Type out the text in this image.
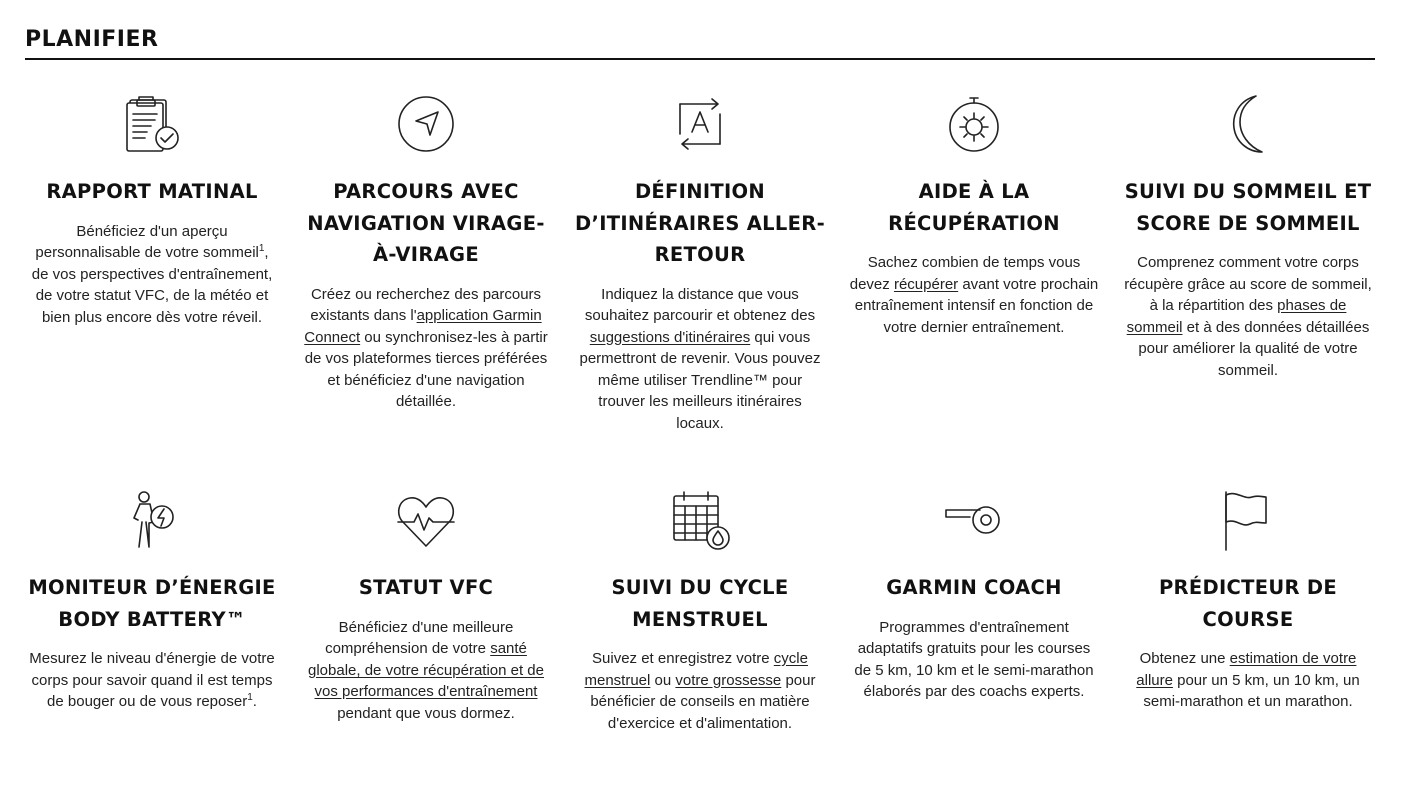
PLANIFIER
RAPPORT MATINAL

Bénéficiez d'un aperçu personnalisable de votre sommeil$^1$, de vos perspectives d'entraînement, de votre statut VFC, de la météo et bien plus encore dès votre réveil.

PARCOURS AVEC NAVIGATION VIRAGE-À-VIRAGE

Créez ou recherchez des parcours existants dans l'application Garmin Connect ou synchronisez-les à partir de vos plateformes tierces préférées et bénéficiez d'une navigation détaillée.

DÉFINITION D’ITINÉRAIRES ALLER-RETOUR

Indiquez la distance que vous souhaitez parcourir et obtenez des suggestions d'itinéraires qui vous permettront de revenir. Vous pouvez même utiliser Trendline™ pour trouver les meilleurs itinéraires locaux.

AIDE À LA RÉCUPÉRATION

Sachez combien de temps vous devez récupérer avant votre prochain entraînement intensif en fonction de votre dernier entraînement.

SUIVI DU SOMMEIL ET SCORE DE SOMMEIL

Comprenez comment votre corps récupère grâce au score de sommeil, à la répartition des phases de sommeil et à des données détaillées pour améliorer la qualité de votre sommeil.

MONITEUR D’ÉNERGIE BODY BATTERY™

Mesurez le niveau d'énergie de votre corps pour savoir quand il est temps de bouger ou de vous reposer$^1$.

STATUT VFC

Bénéficiez d'une meilleure compréhension de votre santé globale, de votre récupération et de vos performances d'entraînement pendant que vous dormez.

SUIVI DU CYCLE MENSTRUEL

Suivez et enregistrez votre cycle menstruel ou votre grossesse pour bénéficier de conseils en matière d'exercice et d'alimentation.

GARMIN COACH

Programmes d'entraînement adaptatifs gratuits pour les courses de 5 km, 10 km et le semi-marathon élaborés par des coachs experts.

PRÉDICTEUR DE COURSE

Obtenez une estimation de votre allure pour un 5 km, un 10 km, un semi-marathon et un marathon.
